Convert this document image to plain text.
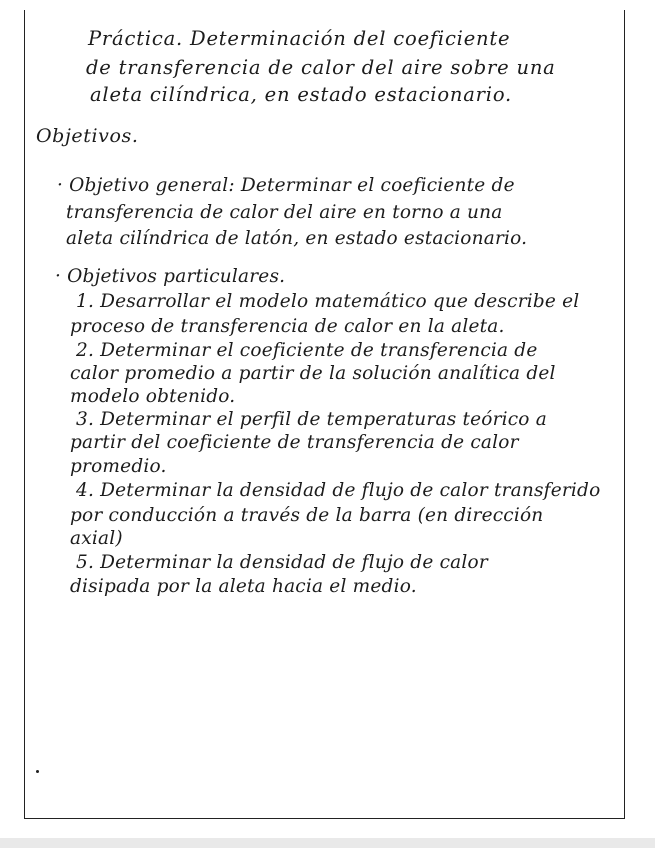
Práctica. Determinación del coeficiente
de transferencia de calor del aire sobre una
aleta cilíndrica, en estado estacionario.
Objetivos.
· Objetivo general: Determinar el coeficiente de
transferencia de calor del aire en torno a una
aleta cilíndrica de latón, en estado estacionario.
· Objetivos particulares.
1. Desarrollar el modelo matemático que describe el
proceso de transferencia de calor en la aleta.
2. Determinar el coeficiente de transferencia de
calor promedio a partir de la solución analítica del
modelo obtenido.
3. Determinar el perfil de temperaturas teórico a
partir del coeficiente de transferencia de calor
promedio.
4. Determinar la densidad de flujo de calor transferido
por conducción a través de la barra (en dirección
axial)
5. Determinar la densidad de flujo de calor
disipada por la aleta hacia el medio.
